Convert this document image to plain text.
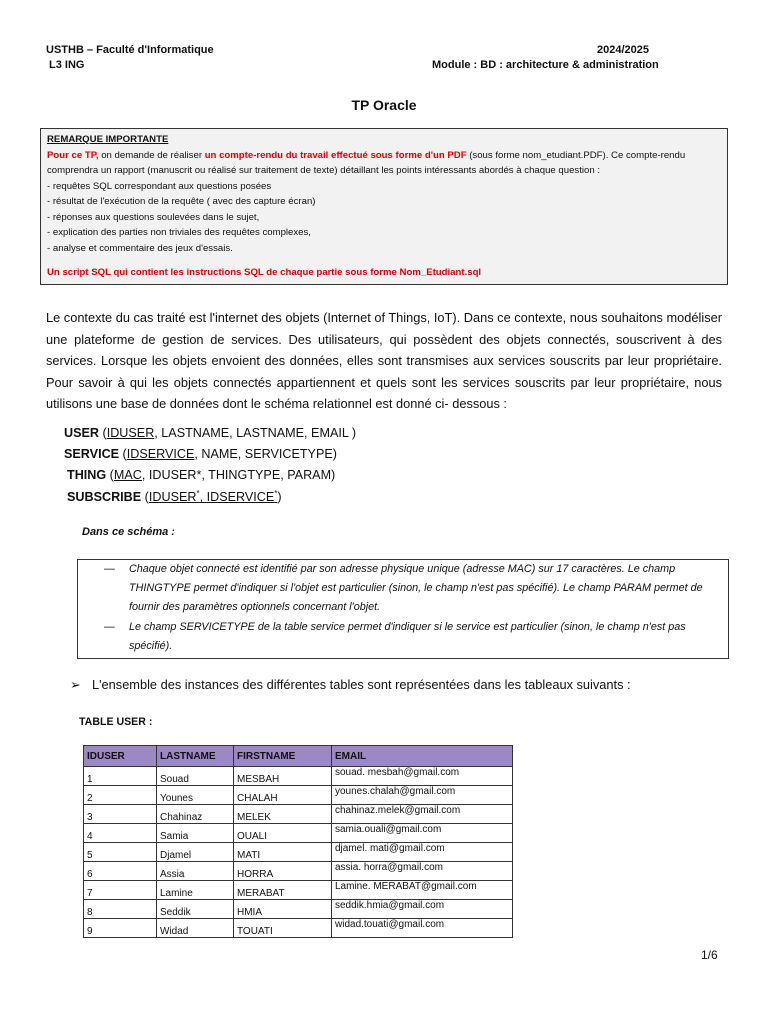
USTHB – Faculté d'Informatique
L3 ING
2024/2025
Module : BD : architecture & administration
TP Oracle
REMARQUE IMPORTANTE
Pour ce TP, on demande de réaliser un compte-rendu du travail effectué sous forme d'un PDF (sous forme nom_etudiant.PDF). Ce compte-rendu comprendra un rapport (manuscrit ou réalisé sur traitement de texte) détaillant les points intéressants abordés à chaque question :
- requêtes SQL correspondant aux questions posées
- résultat de l'exécution de la requête ( avec des capture écran)
- réponses aux questions soulevées dans le sujet,
- explication des parties non triviales des requêtes complexes,
- analyse et commentaire des jeux d'essais.
Un script SQL qui contient les instructions SQL de chaque partie sous forme Nom_Etudiant.sql
Le contexte du cas traité est l'internet des objets (Internet of Things, IoT). Dans ce contexte, nous souhaitons modéliser une plateforme de gestion de services. Des utilisateurs, qui possèdent des objets connectés, souscrivent à des services. Lorsque les objets envoient des données, elles sont transmises aux services souscrits par leur propriétaire. Pour savoir à qui les objets connectés appartiennent et quels sont les services souscrits par leur propriétaire, nous utilisons une base de données dont le schéma relationnel est donné ci- dessous :
USER (IDUSER, LASTNAME, LASTNAME, EMAIL )
SERVICE (IDSERVICE, NAME, SERVICETYPE)
THING (MAC, IDUSER*, THINGTYPE, PARAM)
SUBSCRIBE (IDUSER*, IDSERVICE*)
Dans ce schéma :
—	Chaque objet connecté est identifié par son adresse physique unique (adresse MAC) sur 17 caractères. Le champ THINGTYPE permet d'indiquer si l'objet est particulier (sinon, le champ n'est pas spécifié). Le champ PARAM permet de fournir des paramètres optionnels concernant l'objet.
—	Le champ SERVICETYPE de la table service permet d'indiquer si le service est particulier (sinon, le champ n'est pas spécifié).
➢ L'ensemble des instances des différentes tables sont représentées dans les tableaux suivants :
TABLE USER :
IDUSER	LASTNAME	FIRSTNAME	EMAIL
1	Souad	MESBAH	souad. mesbah@gmail.com
2	Younes	CHALAH	younes.chalah@gmail.com
3	Chahinaz	MELEK	chahinaz.melek@gmail.com
4	Samia	OUALI	samia.ouali@gmail.com
5	Djamel	MATI	djamel. mati@gmail.com
6	Assia	HORRA	assia. horra@gmail.com
7	Lamine	MERABAT	Lamine. MERABAT@gmail.com
8	Seddik	HMIA	seddik.hmia@gmail.com
9	Widad	TOUATI	widad.touati@gmail.com
1/6
